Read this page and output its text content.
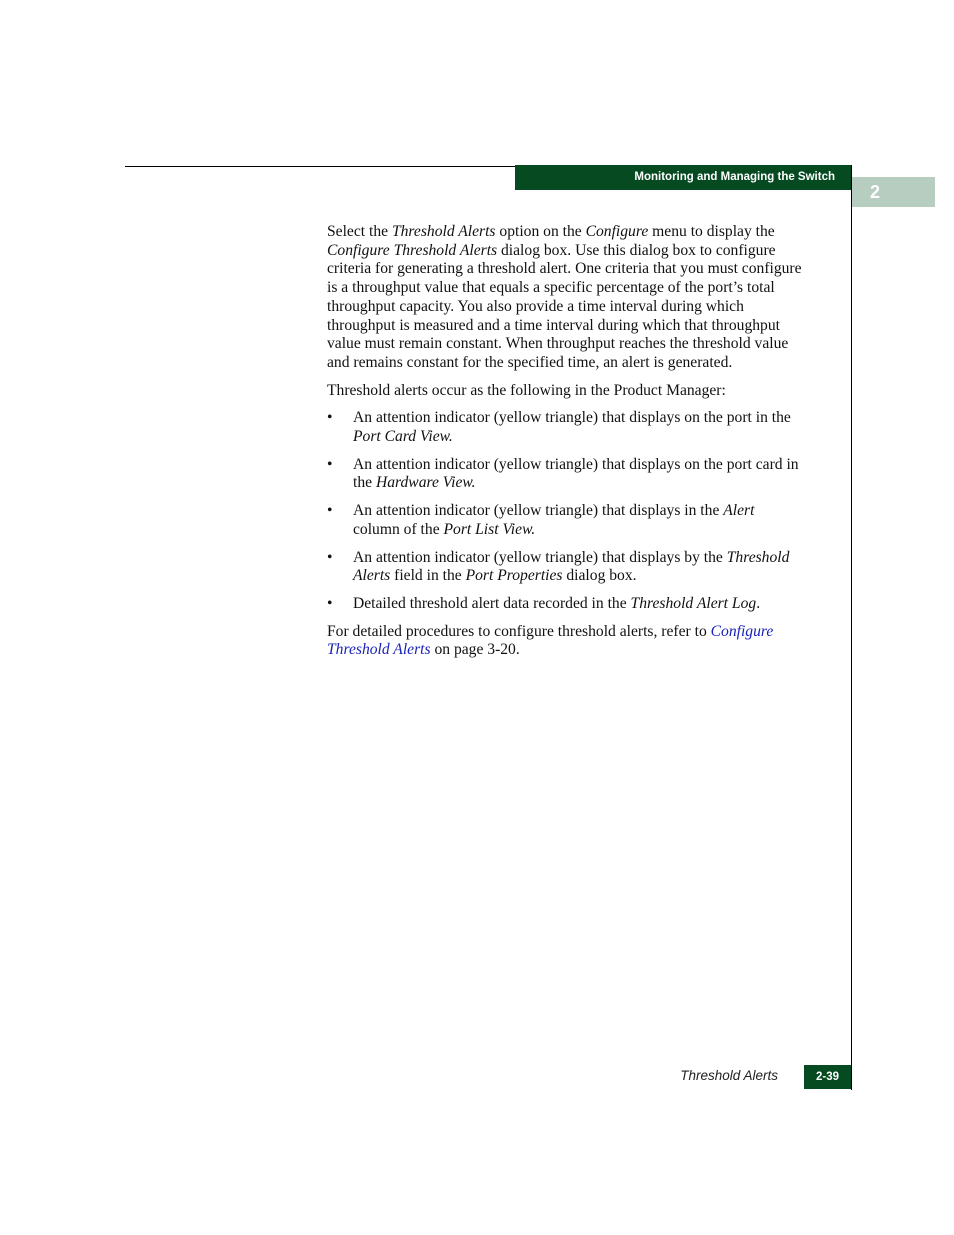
Monitoring and Managing the Switch
2

Select the Threshold Alerts option on the Configure menu to display the Configure Threshold Alerts dialog box. Use this dialog box to configure criteria for generating a threshold alert. One criteria that you must configure is a throughput value that equals a specific percentage of the port’s total throughput capacity. You also provide a time interval during which throughput is measured and a time interval during which that throughput value must remain constant. When throughput reaches the threshold value and remains constant for the specified time, an alert is generated.

Threshold alerts occur as the following in the Product Manager:

• An attention indicator (yellow triangle) that displays on the port in the Port Card View.
• An attention indicator (yellow triangle) that displays on the port card in the Hardware View.
• An attention indicator (yellow triangle) that displays in the Alert column of the Port List View.
• An attention indicator (yellow triangle) that displays by the Threshold Alerts field in the Port Properties dialog box.
• Detailed threshold alert data recorded in the Threshold Alert Log.

For detailed procedures to configure threshold alerts, refer to Configure Threshold Alerts on page 3-20.

Threshold Alerts	2-39
